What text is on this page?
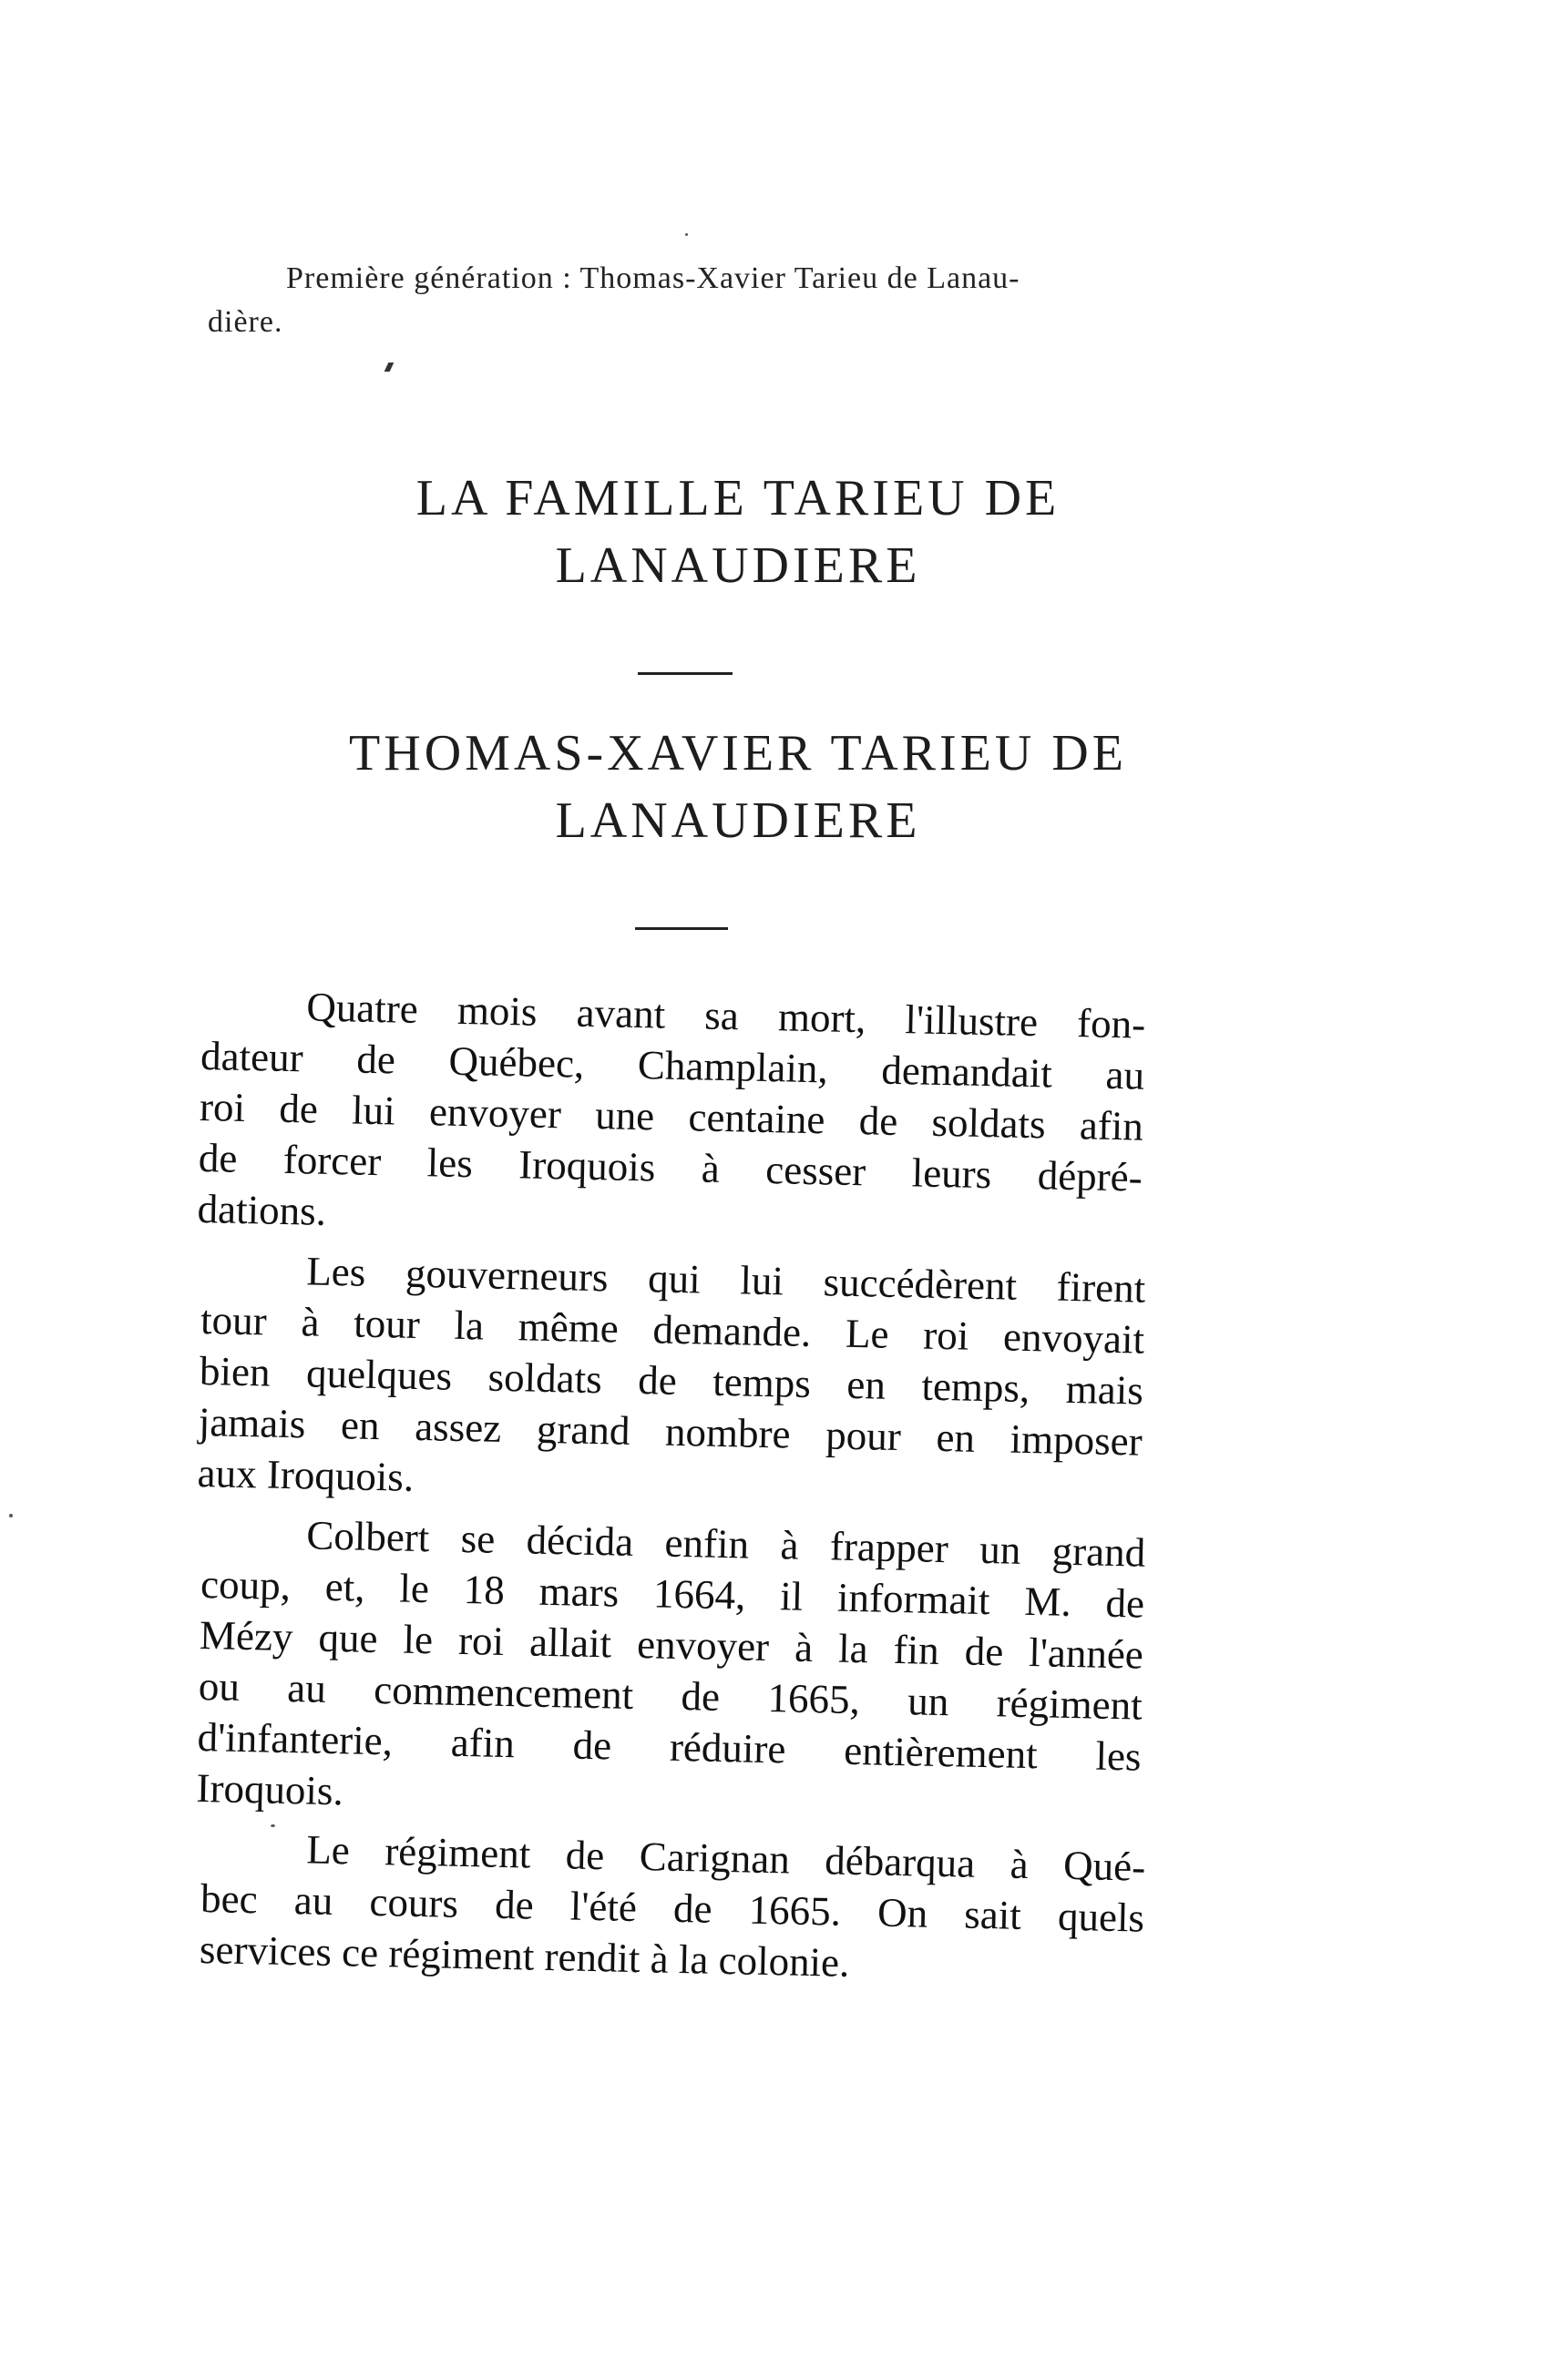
Première génération : Thomas-Xavier Tarieu de Lanau-
dière.
LA FAMILLE TARIEU DE
LANAUDIERE
THOMAS-XAVIER TARIEU DE
LANAUDIERE

Quatre mois avant sa mort, l'illustre fon-
dateur de Québec, Champlain, demandait au
roi de lui envoyer une centaine de soldats afin
de forcer les Iroquois à cesser leurs dépré-
dations.

Les gouverneurs qui lui succédèrent firent
tour à tour la même demande. Le roi envoyait
bien quelques soldats de temps en temps, mais
jamais en assez grand nombre pour en imposer
aux Iroquois.

Colbert se décida enfin à frapper un grand
coup, et, le 18 mars 1664, il informait M. de
Mézy que le roi allait envoyer à la fin de l'année
ou au commencement de 1665, un régiment
d'infanterie, afin de réduire entièrement les
Iroquois.

Le régiment de Carignan débarqua à Qué-
bec au cours de l'été de 1665. On sait quels
services ce régiment rendit à la colonie.
